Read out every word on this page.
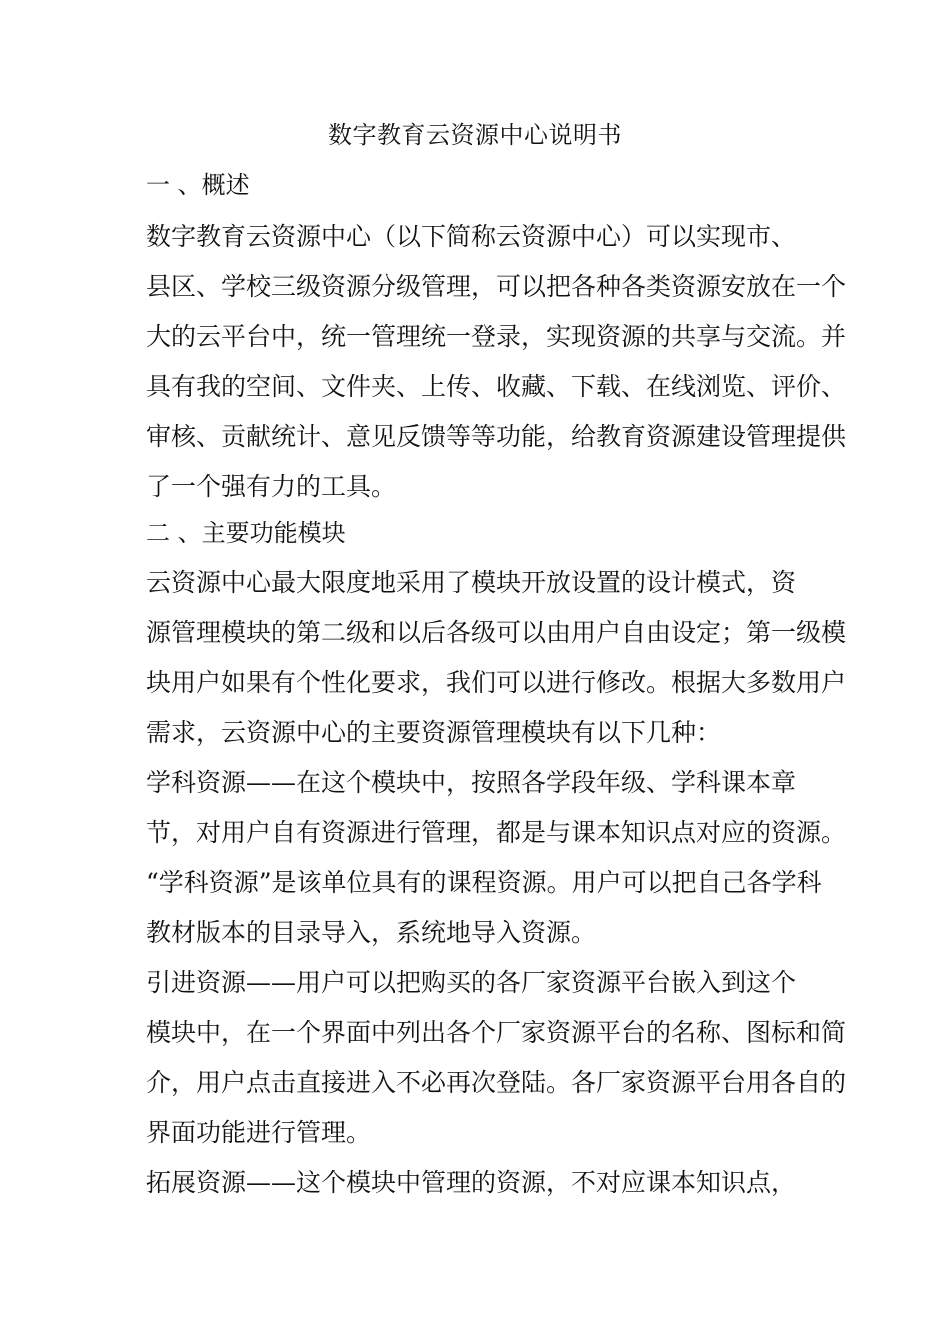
数字教育云资源中心说明书
一 、概述
数字教育云资源中心（以下简称云资源中心）可以实现市、
县区、学校三级资源分级管理，可以把各种各类资源安放在一个
大的云平台中，统一管理统一登录，实现资源的共享与交流。并
具有我的空间、文件夹、上传、收藏、下载、在线浏览、评价、
审核、贡献统计、意见反馈等等功能，给教育资源建设管理提供
了一个强有力的工具。
二 、主要功能模块
云资源中心最大限度地采用了模块开放设置的设计模式，资
源管理模块的第二级和以后各级可以由用户自由设定；第一级模
块用户如果有个性化要求，我们可以进行修改。根据大多数用户
需求，云资源中心的主要资源管理模块有以下几种：
学科资源——在这个模块中，按照各学段年级、学科课本章
节，对用户自有资源进行管理，都是与课本知识点对应的资源。
“学科资源”是该单位具有的课程资源。用户可以把自己各学科
教材版本的目录导入，系统地导入资源。
引进资源——用户可以把购买的各厂家资源平台嵌入到这个
模块中，在一个界面中列出各个厂家资源平台的名称、图标和简
介，用户点击直接进入不必再次登陆。各厂家资源平台用各自的
界面功能进行管理。
拓展资源——这个模块中管理的资源，不对应课本知识点，
